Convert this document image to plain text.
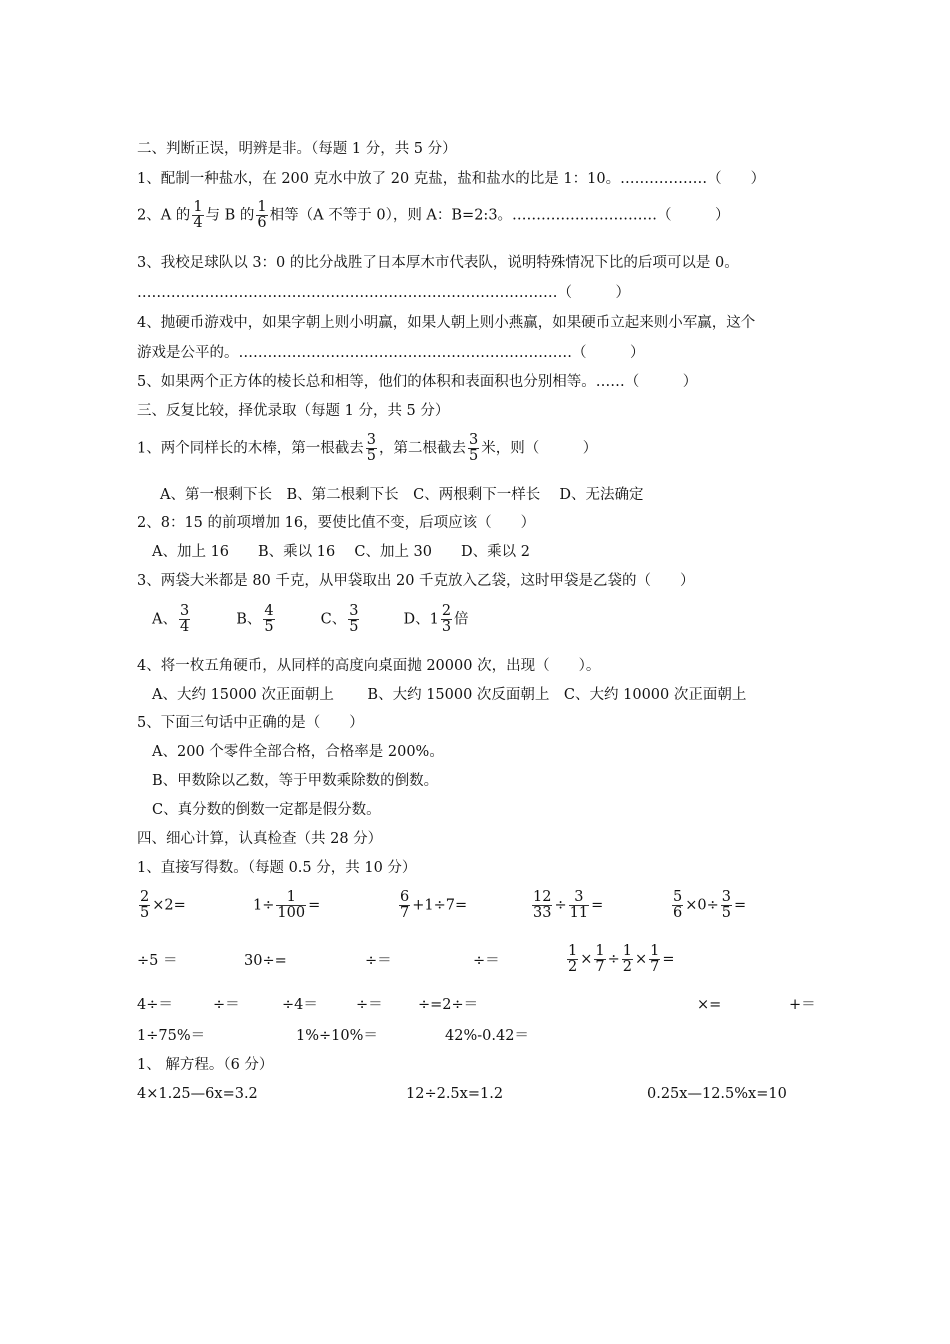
二、判断正误，明辨是非。（每题 1 分，共 5 分）
1、配制一种盐水，在 200 克水中放了 20 克盐，盐和盐水的比是 1：10。………………（　　）
2、A 的 $\frac{1}{4}$ 与 B 的 $\frac{1}{6}$ 相等（A 不等于 0），则 A：B=2:3。…………………………（　　　）
3、我校足球队以 3：0 的比分战胜了日本厚木市代表队，说明特殊情况下比的后项可以是 0。
……………………………………………………………………………（　　　）
4、抛硬币游戏中，如果字朝上则小明赢，如果人朝上则小燕赢，如果硬币立起来则小军赢，这个
游戏是公平的。……………………………………………………………（　　　）
5、如果两个正方体的棱长总和相等，他们的体积和表面积也分别相等。……（　　　）
三、反复比较，择优录取（每题 1 分，共 5 分）
1、两个同样长的木棒，第一根截去 $\frac{3}{5}$ ，第二根截去 $\frac{3}{5}$ 米，则（　　　）
A、第一根剩下长　B、第二根剩下长　C、两根剩下一样长　 D、无法确定
2、8：15 的前项增加 16，要使比值不变，后项应该（　　）
A、加上 16　　B、乘以 16　 C、加上 30　　D、乘以 2
3、两袋大米都是 80 千克，从甲袋取出 20 千克放入乙袋，这时甲袋是乙袋的（　　）
A、 $\frac{3}{4}$	B、 $\frac{4}{5}$	C、 $\frac{3}{5}$	D、$1 \frac{2}{3}$ 倍
4、将一枚五角硬币，从同样的高度向桌面抛 20000 次，出现（　　）。
A、大约 15000 次正面朝上　　 B、大约 15000 次反面朝上　C、大约 10000 次正面朝上
5、下面三句话中正确的是（　　）
A、200 个零件全部合格，合格率是 200%。
B、甲数除以乙数，等于甲数乘除数的倒数。
C、真分数的倒数一定都是假分数。
四、细心计算，认真检查（共 28 分）
1、直接写得数。（每题 0.5 分，共 10 分）
$\frac{2}{5} \times 2=$	$1\div \frac{1}{100}$ =	$\frac{6}{7} +1\div 7=$	$\frac{12}{33} \div \frac{3}{11}$ =	$\frac{5}{6} \times 0\div \frac{3}{5}$ =
÷5 ＝	30÷=	÷＝	÷＝	$\frac{1}{2} \times \frac{1}{7} \div \frac{1}{2} \times \frac{1}{7}$ =
4÷＝	÷＝	÷4＝	÷＝ ÷=2÷＝	×=	+＝
1÷75%＝	1%÷10%＝	42%-0.42＝
1、 解方程。（6 分）
4×1.25—6x=3.2	12÷2.5x=1.2	0.25x—12.5%x=10
